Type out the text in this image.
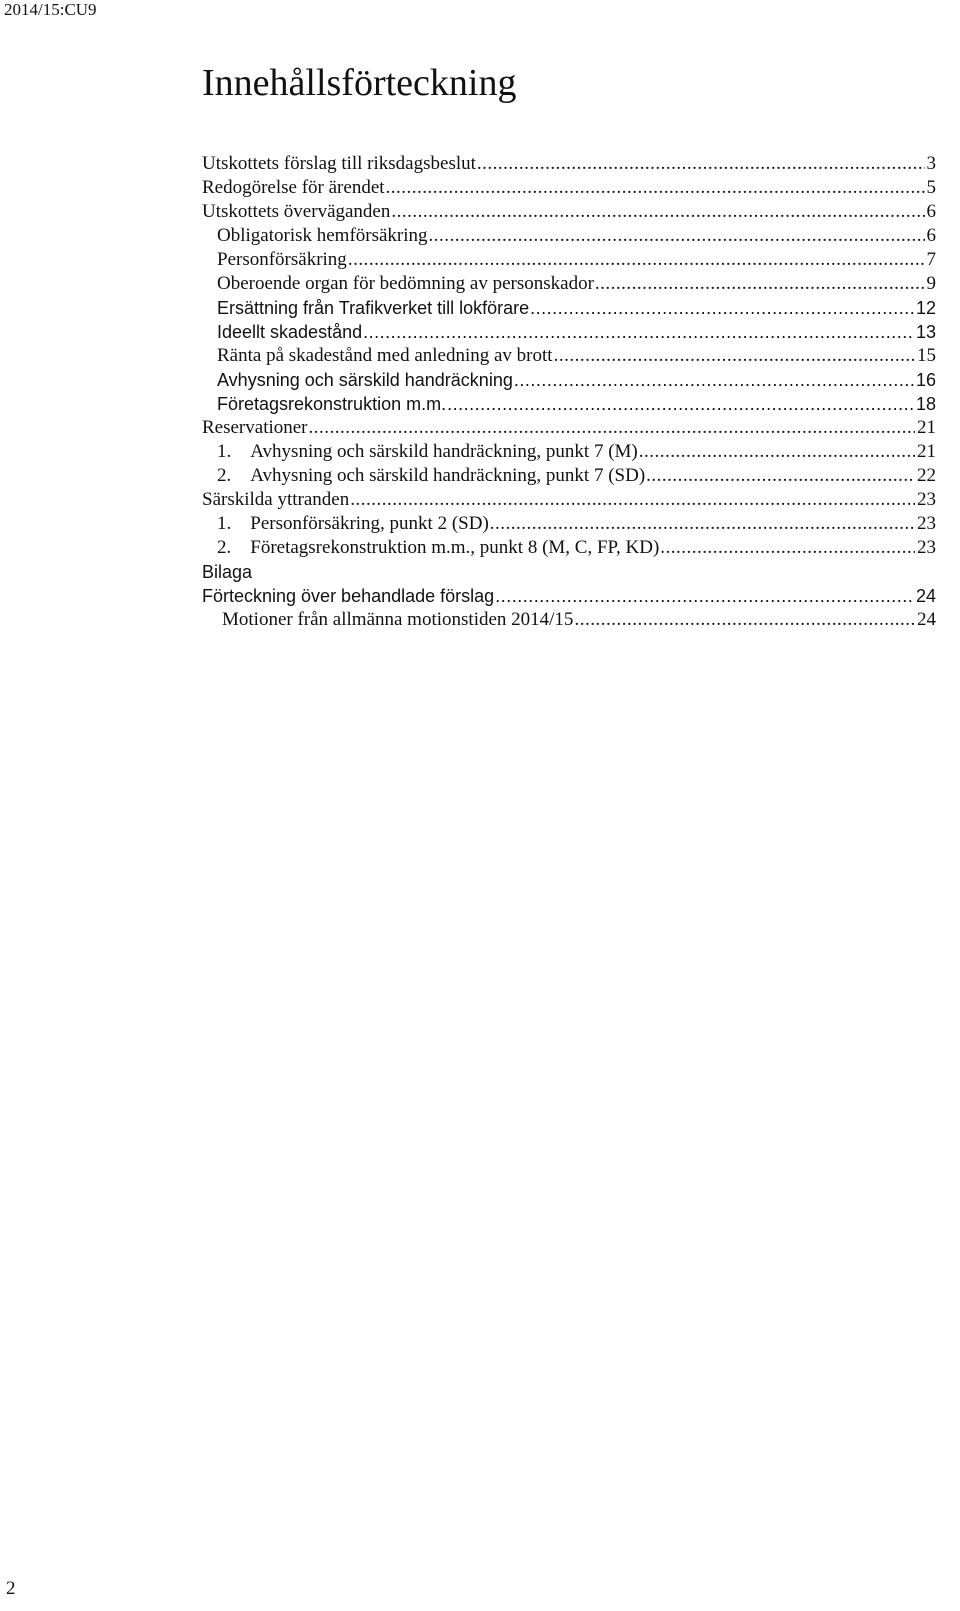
2014/15:CU9
Innehållsförteckning
Utskottets förslag till riksdagsbeslut .....	3
Redogörelse för ärendet .....	5
Utskottets överväganden .....	6
Obligatorisk hemförsäkring .....	6
Personförsäkring .....	7
Oberoende organ för bedömning av personskador .....	9
Ersättning från Trafikverket till lokförare .....	12
Ideellt skadestånd .....	13
Ränta på skadestånd med anledning av brott .....	15
Avhysning och särskild handräckning .....	16
Företagsrekonstruktion m.m. .....	18
Reservationer .....	21
1. Avhysning och särskild handräckning, punkt 7 (M) .....	21
2. Avhysning och särskild handräckning, punkt 7 (SD) .....	22
Särskilda yttranden .....	23
1. Personförsäkring, punkt 2 (SD) .....	23
2. Företagsrekonstruktion m.m., punkt 8 (M, C, FP, KD) .....	23
Bilaga
Förteckning över behandlade förslag .....	24
Motioner från allmänna motionstiden 2014/15 .....	24
2
